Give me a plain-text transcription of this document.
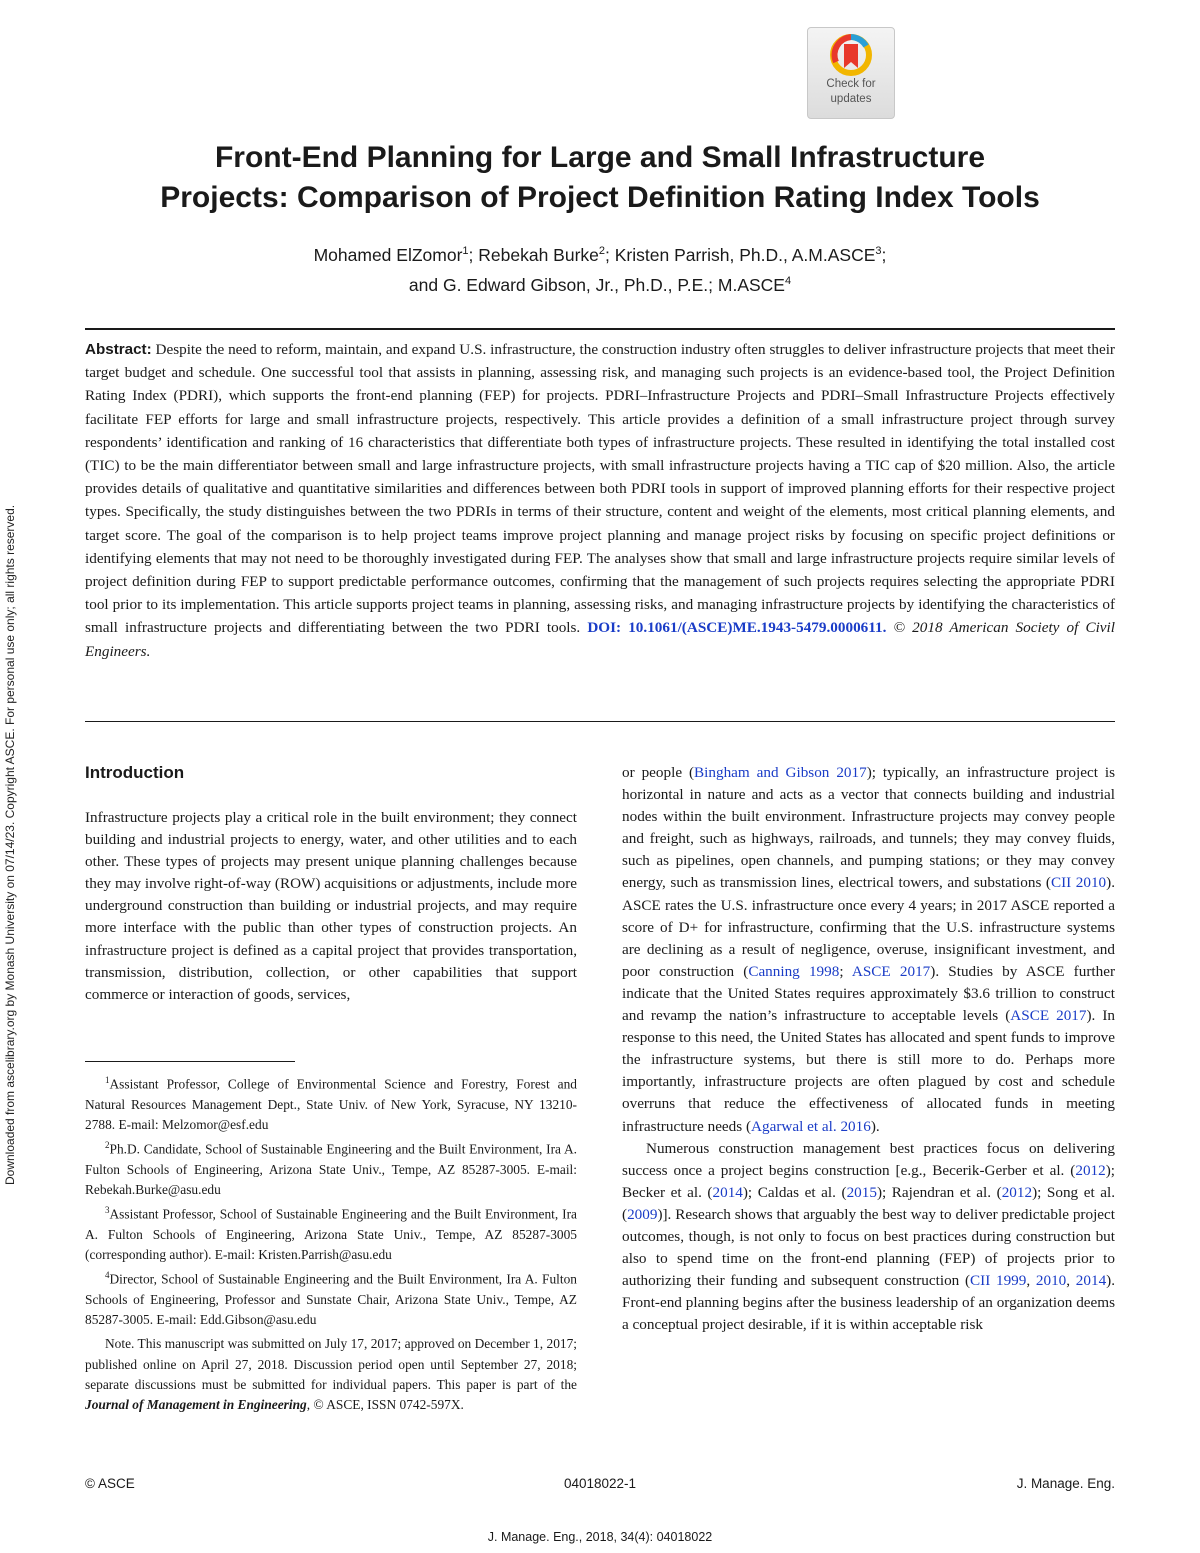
Check for
updates
Front-End Planning for Large and Small Infrastructure
Projects: Comparison of Project Definition Rating Index Tools
Mohamed ElZomor$^1$; Rebekah Burke$^2$; Kristen Parrish, Ph.D., A.M.ASCE$^3$;
and G. Edward Gibson, Jr., Ph.D., P.E.; M.ASCE$^4$
Downloaded from ascelibrary.org by Monash University on 07/14/23. Copyright ASCE. For personal use only; all rights reserved.
Abstract: Despite the need to reform, maintain, and expand U.S. infrastructure, the construction industry often struggles to deliver infrastructure projects that meet their target budget and schedule. One successful tool that assists in planning, assessing risk, and managing such projects is an evidence-based tool, the Project Definition Rating Index (PDRI), which supports the front-end planning (FEP) for projects. PDRI–Infrastructure Projects and PDRI–Small Infrastructure Projects effectively facilitate FEP efforts for large and small infrastructure projects, respectively. This article provides a definition of a small infrastructure project through survey respondents’ identification and ranking of 16 characteristics that differentiate both types of infrastructure projects. These resulted in identifying the total installed cost (TIC) to be the main differentiator between small and large infrastructure projects, with small infrastructure projects having a TIC cap of $20 million. Also, the article provides details of qualitative and quantitative similarities and differences between both PDRI tools in support of improved planning efforts for their respective project types. Specifically, the study distinguishes between the two PDRIs in terms of their structure, content and weight of the elements, most critical planning elements, and target score. The goal of the comparison is to help project teams improve project planning and manage project risks by focusing on specific project definitions or identifying elements that may not need to be thoroughly investigated during FEP. The analyses show that small and large infrastructure projects require similar levels of project definition during FEP to support predictable performance outcomes, confirming that the management of such projects requires selecting the appropriate PDRI tool prior to its implementation. This article supports project teams in planning, assessing risks, and managing infrastructure projects by identifying the characteristics of small infrastructure projects and differentiating between the two PDRI tools. DOI: 10.1061/(ASCE)ME.1943-5479.0000611. © 2018 American Society of Civil Engineers.
Introduction
Infrastructure projects play a critical role in the built environment; they connect building and industrial projects to energy, water, and other utilities and to each other. These types of projects may present unique planning challenges because they may involve right-of-way (ROW) acquisitions or adjustments, include more underground construction than building or industrial projects, and may require more interface with the public than other types of construction projects. An infrastructure project is defined as a capital project that provides transportation, transmission, distribution, collection, or other capabilities that support commerce or interaction of goods, services,

$^1$Assistant Professor, College of Environmental Science and Forestry, Forest and Natural Resources Management Dept., State Univ. of New York, Syracuse, NY 13210-2788. E-mail: Melzomor@esf.edu

$^2$Ph.D. Candidate, School of Sustainable Engineering and the Built Environment, Ira A. Fulton Schools of Engineering, Arizona State Univ., Tempe, AZ 85287-3005. E-mail: Rebekah.Burke@asu.edu

$^3$Assistant Professor, School of Sustainable Engineering and the Built Environment, Ira A. Fulton Schools of Engineering, Arizona State Univ., Tempe, AZ 85287-3005 (corresponding author). E-mail: Kristen.Parrish@asu.edu

$^4$Director, School of Sustainable Engineering and the Built Environment, Ira A. Fulton Schools of Engineering, Professor and Sunstate Chair, Arizona State Univ., Tempe, AZ 85287-3005. E-mail: Edd.Gibson@asu.edu

Note. This manuscript was submitted on July 17, 2017; approved on December 1, 2017; published online on April 27, 2018. Discussion period open until September 27, 2018; separate discussions must be submitted for individual papers. This paper is part of the Journal of Management in Engineering, © ASCE, ISSN 0742-597X.

or people (Bingham and Gibson 2017); typically, an infrastructure project is horizontal in nature and acts as a vector that connects building and industrial nodes within the built environment. Infrastructure projects may convey people and freight, such as highways, railroads, and tunnels; they may convey fluids, such as pipelines, open channels, and pumping stations; or they may convey energy, such as transmission lines, electrical towers, and substations (CII 2010). ASCE rates the U.S. infrastructure once every 4 years; in 2017 ASCE reported a score of D+ for infrastructure, confirming that the U.S. infrastructure systems are declining as a result of negligence, overuse, insignificant investment, and poor construction (Canning 1998; ASCE 2017). Studies by ASCE further indicate that the United States requires approximately $3.6 trillion to construct and revamp the nation’s infrastructure to acceptable levels (ASCE 2017). In response to this need, the United States has allocated and spent funds to improve the infrastructure systems, but there is still more to do. Perhaps more importantly, infrastructure projects are often plagued by cost and schedule overruns that reduce the effectiveness of allocated funds in meeting infrastructure needs (Agarwal et al. 2016).

Numerous construction management best practices focus on delivering success once a project begins construction [e.g., Becerik-Gerber et al. (2012); Becker et al. (2014); Caldas et al. (2015); Rajendran et al. (2012); Song et al. (2009)]. Research shows that arguably the best way to deliver predictable project outcomes, though, is not only to focus on best practices during construction but also to spend time on the front-end planning (FEP) of projects prior to authorizing their funding and subsequent construction (CII 1999, 2010, 2014). Front-end planning begins after the business leadership of an organization deems a conceptual project desirable, if it is within acceptable risk

© ASCE	04018022-1	J. Manage. Eng.
J. Manage. Eng., 2018, 34(4): 04018022
